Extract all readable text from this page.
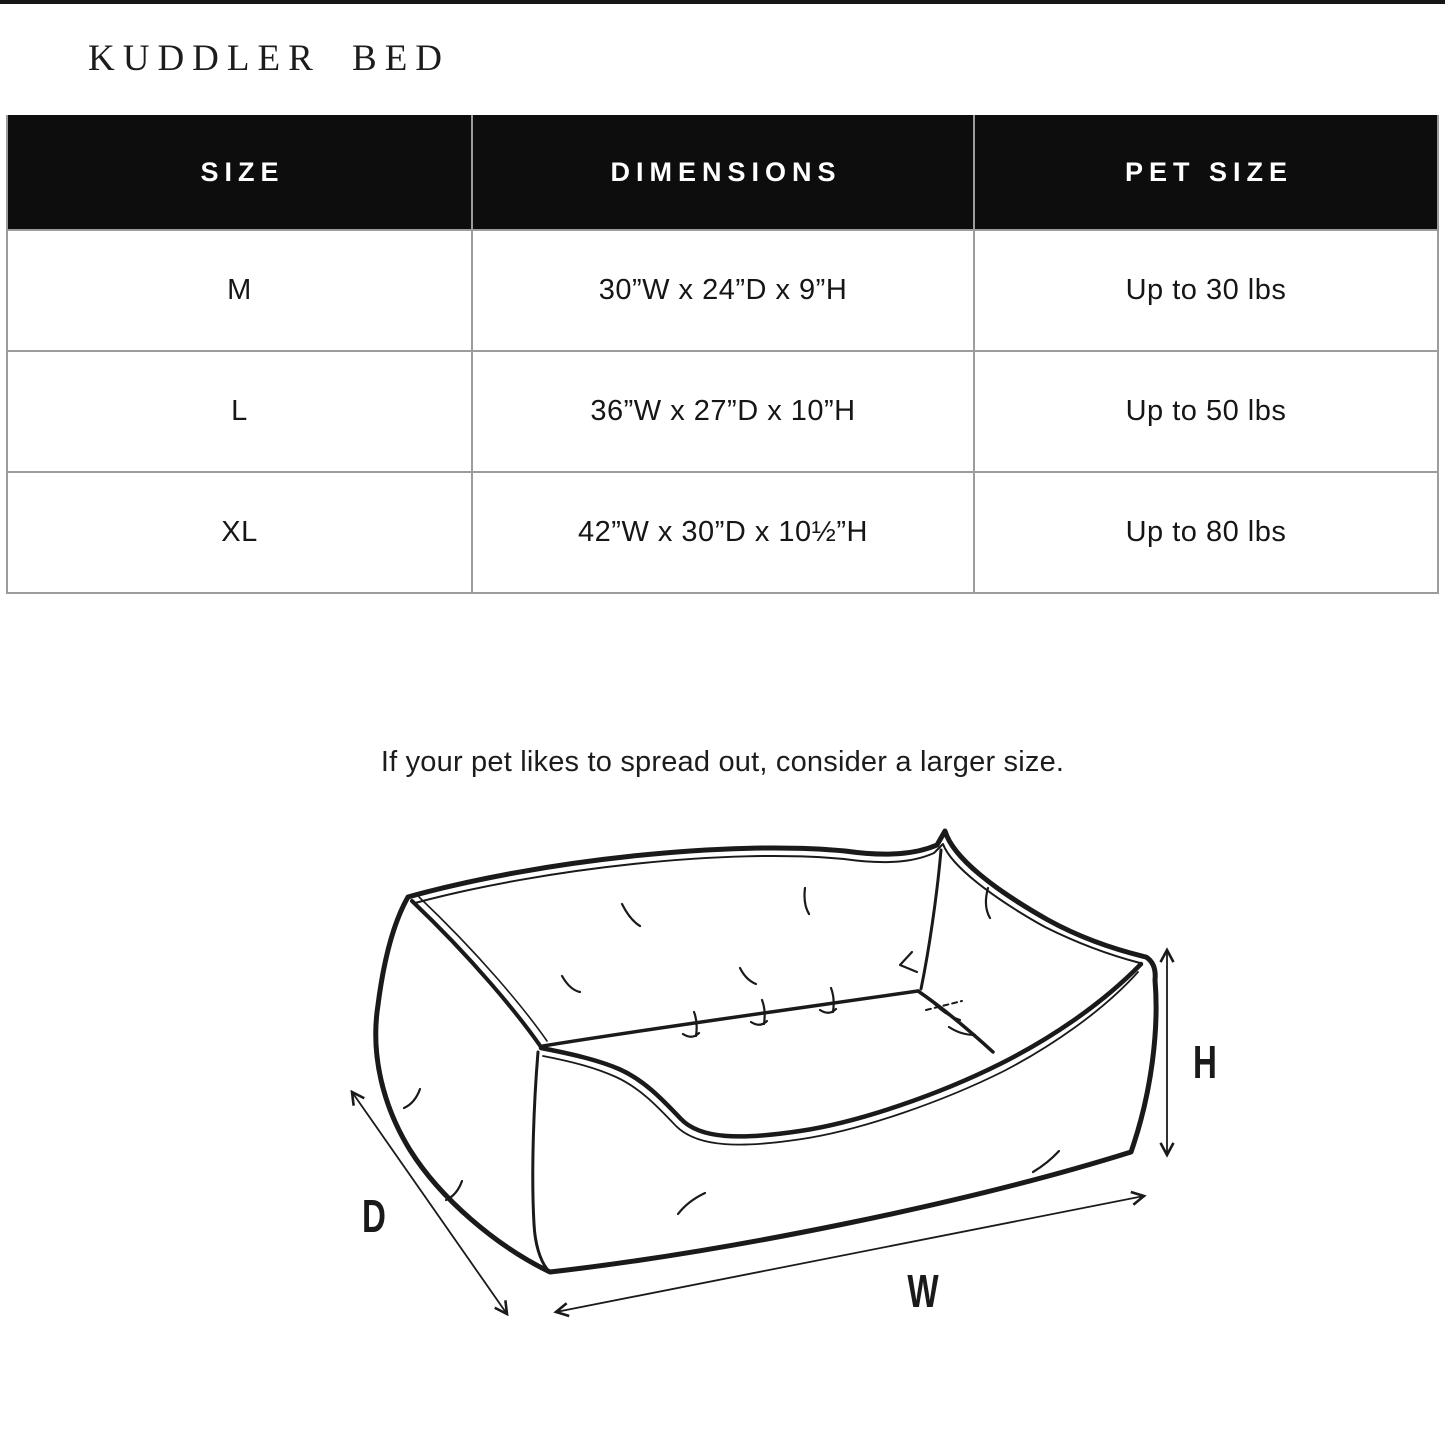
KUDDLER BED
SIZE	DIMENSIONS	PET SIZE
M	30”W x 24”D x 9”H	Up to 30 lbs
L	36”W x 27”D x 10”H	Up to 50 lbs
XL	42”W x 30”D x 10½”H	Up to 80 lbs

If your pet likes to spread out, consider a larger size.

D
W
H
